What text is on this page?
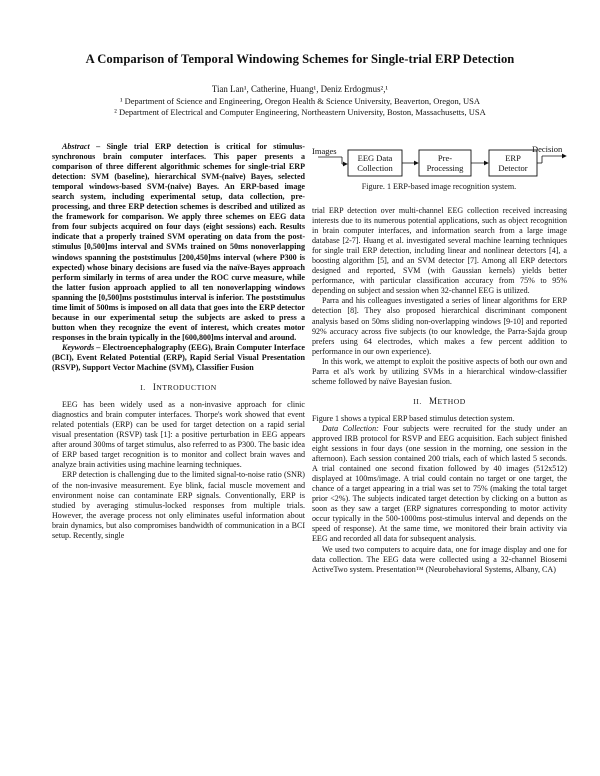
A Comparison of Temporal Windowing Schemes for Single-trial ERP Detection
Tian Lan¹, Catherine, Huang¹, Deniz Erdogmus²,¹
¹ Department of Science and Engineering, Oregon Health & Science University, Beaverton, Oregon, USA
² Department of Electrical and Computer Engineering, Northeastern University, Boston, Massachusetts, USA

Abstract – Single trial ERP detection is critical for stimulus-synchronous brain computer interfaces. This paper presents a comparison of three different algorithmic schemes for single-trial ERP detection: SVM (baseline), hierarchical SVM-(naïve) Bayes, selected temporal windows-based SVM-(naïve) Bayes. An ERP-based image search system, including experimental setup, data collection, pre-processing, and three ERP detection schemes is described and utilized as the framework for comparison. We apply three schemes on EEG data from four subjects acquired on four days (eight sessions) each. Results indicate that a properly trained SVM operating on data from the post-stimulus [0,500]ms interval and SVMs trained on 50ms nonoverlapping windows spanning the poststimulus [200,450]ms interval (where P300 is expected) whose binary decisions are fused via the naïve-Bayes approach perform similarly in terms of area under the ROC curve measure, while the latter fusion approach applied to all ten nonoverlapping windows spanning the [0,500]ms poststimulus interval is inferior. The poststimulus time limit of 500ms is imposed on all data that goes into the ERP detector because in our experimental setup the subjects are asked to press a button when they recognize the event of interest, which creates motor responses in the brain typically in the [600,800]ms interval and around.

Keywords – Electroencephalography (EEG), Brain Computer Interface (BCI), Event Related Potential (ERP), Rapid Serial Visual Presentation (RSVP), Support Vector Machine (SVM), Classifier Fusion

I. INTRODUCTION

EEG has been widely used as a non-invasive approach for clinic diagnostics and brain computer interfaces. Thorpe's work showed that event related potentials (ERP) can be used for target detection on a rapid serial visual presentation (RSVP) task [1]: a positive perturbation in EEG appears after around 300ms of target stimulus, also referred to as P300. The basic idea of ERP based target recognition is to monitor and collect brain waves and analyze brain activities using machine learning techniques.

ERP detection is challenging due to the limited signal-to-noise ratio (SNR) of the non-invasive measurement. Eye blink, facial muscle movement and environment noise can contaminate ERP signals. Conventionally, ERP is studied by averaging stimulus-locked responses from multiple trials. However, the average process not only eliminates useful information about brain dynamics, but also compromises bandwidth of communication in a BCI setup. Recently, single

Images
EEG Data
Collection
Pre-
Processing
ERP
Detector
Decision
Figure. 1 ERP-based image recognition system.

trial ERP detection over multi-channel EEG collection received increasing interests due to its numerous potential applications, such as object recognition in brain computer interfaces, and information search from a large image database [2-7]. Huang et al. investigated several machine learning techniques for single trail ERP detection, including linear and nonlinear detectors [4], a boosting algorithm [5], and an SVM detector [7]. Among all ERP detectors designed and reported, SVM (with Gaussian kernels) yields better performance, with particular classification accuracy from 75% to 95% depending on subject and session when 32-channel EEG is utilized.

Parra and his colleagues investigated a series of linear algorithms for ERP detection [8]. They also proposed hierarchical discriminant component analysis based on 50ms sliding non-overlapping windows [9-10] and reported 92% accuracy across five subjects (to our knowledge, the Parra-Sajda group prefers using 64 electrodes, which makes a few percent addition to performance in our own experience).

In this work, we attempt to exploit the positive aspects of both our own and Parra et al's work by utilizing SVMs in a hierarchical window-classifier scheme followed by naïve Bayesian fusion.

II. METHOD

Figure 1 shows a typical ERP based stimulus detection system.

Data Collection: Four subjects were recruited for the study under an approved IRB protocol for RSVP and EEG acquisition. Each subject finished eight sessions in four days (one session in the morning, one session in the afternoon). Each session contained 200 trials, each of which lasted 5 seconds. A trial contained one second fixation followed by 40 images (512x512) displayed at 100ms/image. A trial could contain no target or one target, the chance of a target appearing in a trial was set to 75% (making the total target prior <2%). The subjects indicated target detection by clicking on a button as soon as they saw a target (ERP signatures corresponding to motor activity occur typically in the 500-1000ms post-stimulus interval and depends on the speed of response). At the same time, we monitored their brain activity via EEG and recorded all data for subsequent analysis.

We used two computers to acquire data, one for image display and one for data collection. The EEG data were collected using a 32-channel Biosemi ActiveTwo system. Presentation™ (Neurobehavioral Systems, Albany, CA)
